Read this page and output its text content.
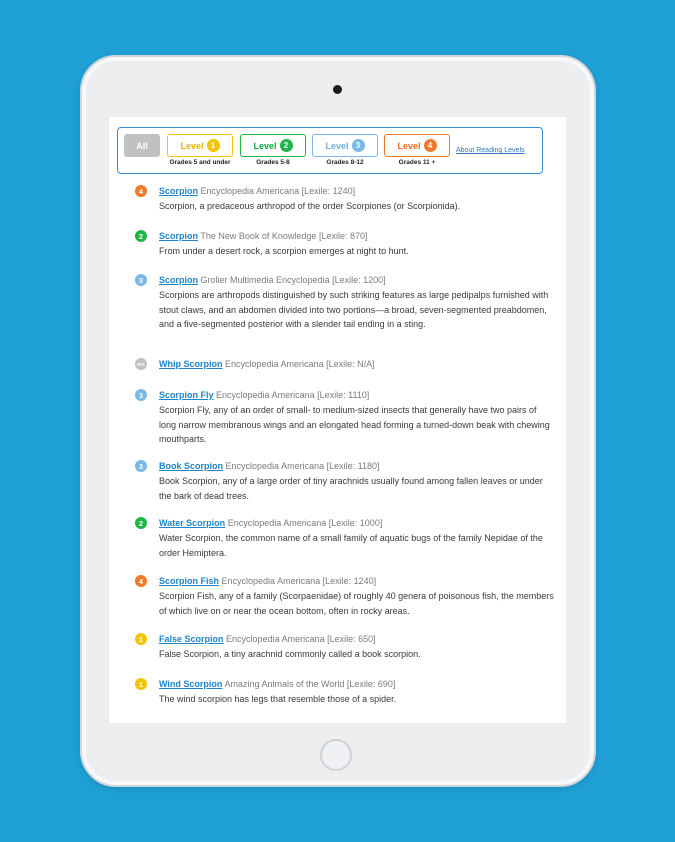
All	Level 1	Level 2	Level 3	Level 4
Grades 5 and under	Grades 5-8	Grades 8-12	Grades 11 +
About Reading Levels
4	Scorpion Encyclopedia Americana [Lexile: 1240]
Scorpion, a predaceous arthropod of the order Scorpiones (or Scorpionida).
2	Scorpion The New Book of Knowledge [Lexile: 870]
From under a desert rock, a scorpion emerges at night to hunt.
3	Scorpion Grolier Multimedia Encyclopedia [Lexile: 1200]
Scorpions are arthropods distinguished by such striking features as large pedipalps furnished with stout claws, and an abdomen divided into two portions—a broad, seven-segmented preabdomen, and a five-segmented posterior with a slender tail ending in a sting.
N/A Whip Scorpion Encyclopedia Americana [Lexile: N/A]
3	Scorpion Fly Encyclopedia Americana [Lexile: 1110]
Scorpion Fly, any of an order of small- to medium-sized insects that generally have two pairs of long narrow membranous wings and an elongated head forming a turned-down beak with chewing mouthparts.
3	Book Scorpion Encyclopedia Americana [Lexile: 1180]
Book Scorpion, any of a large order of tiny arachnids usually found among fallen leaves or under the bark of dead trees.
2	Water Scorpion Encyclopedia Americana [Lexile: 1000]
Water Scorpion, the common name of a small family of aquatic bugs of the family Nepidae of the order Hemiptera.
4	Scorpion Fish Encyclopedia Americana [Lexile: 1240]
Scorpion Fish, any of a family (Scorpaenidae) of roughly 40 genera of poisonous fish, the members of which live on or near the ocean bottom, often in rocky areas.
1	False Scorpion Encyclopedia Americana [Lexile: 650]
False Scorpion, a tiny arachnid commonly called a book scorpion.
1	Wind Scorpion Amazing Animals of the World [Lexile: 690]
The wind scorpion has legs that resemble those of a spider.
